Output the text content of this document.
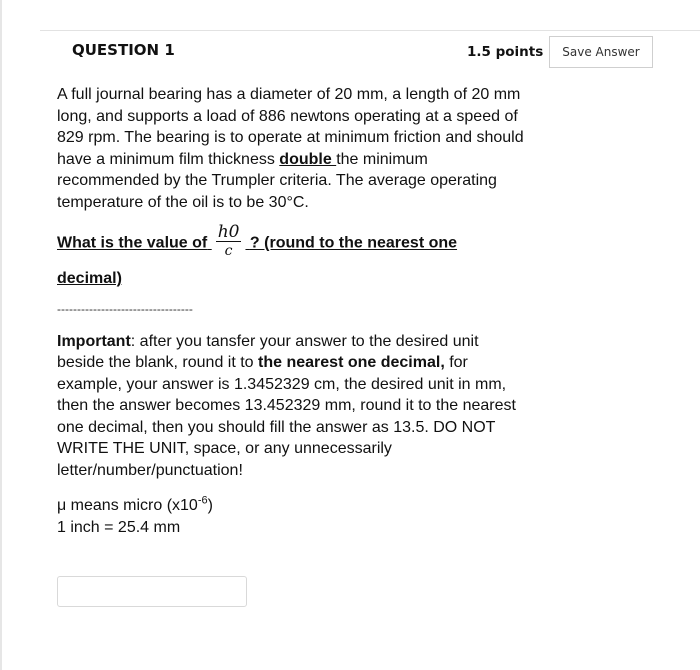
QUESTION 1	1.5 points	Save Answer

A full journal bearing has a diameter of 20 mm, a length of 20 mm long, and supports a load of 886 newtons operating at a speed of 829 rpm. The bearing is to operate at minimum friction and should have a minimum film thickness double the minimum recommended by the Trumpler criteria. The average operating temperature of the oil is to be 30°C.

What is the value of $\frac{h0}{c}$ ? (round to the nearest one
decimal)
----------------------------------

Important: after you tansfer your answer to the desired unit beside the blank, round it to the nearest one decimal, for example, your answer is 1.3452329 cm, the desired unit in mm, then the answer becomes 13.452329 mm, round it to the nearest one decimal, then you should fill the answer as 13.5. DO NOT WRITE THE UNIT, space, or any unnecessarily letter/number/punctuation!

μ means micro $(x10^{-6})$

1 inch = 25.4 mm
